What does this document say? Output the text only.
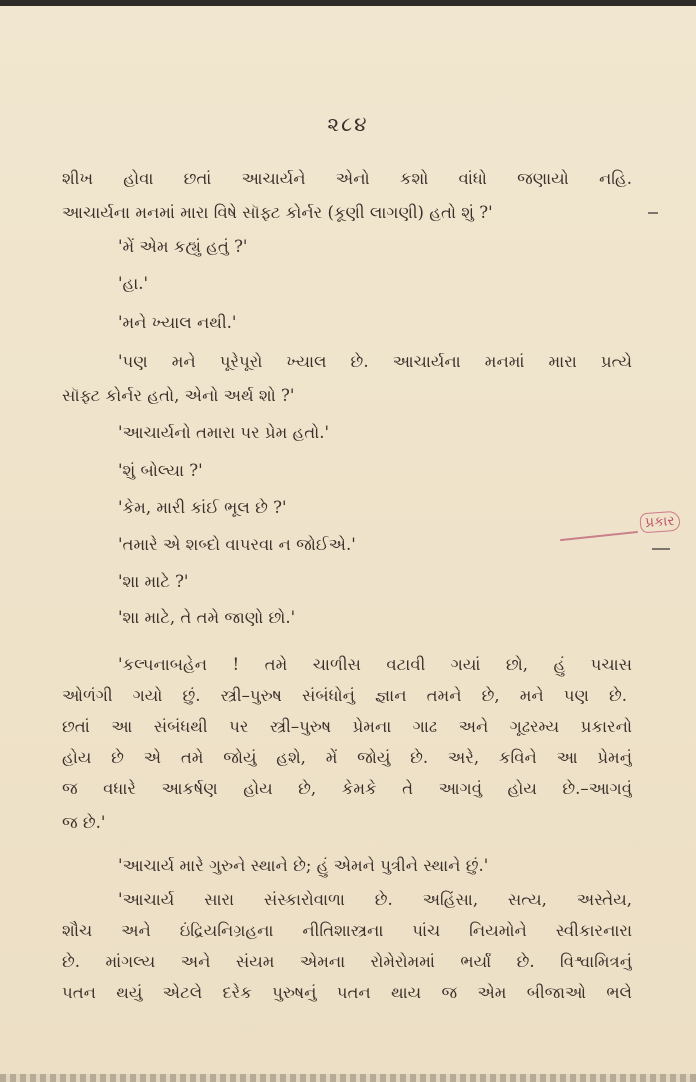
૨૮૪
શીખ હોવા છતાં આચાર્યને એનો કશો વાંધો જણાયો નહિ.
આચાર્યના મનમાં મારા વિષે સૉફ્ટ કોર્નર (કૂણી લાગણી) હતો શું ?'
'મેં એમ કહ્યું હતું ?'
'હા.'
'મને ખ્યાલ નથી.'
'પણ મને પૂરેપૂરો ખ્યાલ છે. આચાર્યના મનમાં મારા પ્રત્યે
સૉફ્ટ કોર્નર હતો, એનો અર્થ શો ?'
'આચાર્યનો તમારા પર પ્રેમ હતો.'
'શું બોલ્યા ?'
'કેમ, મારી કાંઈ ભૂલ છે ?'
'તમારે એ શબ્દો વાપરવા ન જોઈએ.'
'શા માટે ?'
'શા માટે, તે તમે જાણો છો.'
'કલ્પનાબહેન ! તમે ચાળીસ વટાવી ગયાં છો, હું પચાસ
ઓળંગી ગયો છું. સ્ત્રી–પુરુષ સંબંધોનું જ્ઞાન તમને છે, મને પણ છે.
છતાં આ સંબંધથી પર સ્ત્રી–પુરુષ પ્રેમના ગાઢ અને ગૂઢરમ્ય પ્રકારનો
હોય છે એ તમે જોયું હશે, મેં જોયું છે. અરે, કવિને આ પ્રેમનું
જ વધારે આકર્ષણ હોય છે, કેમકે તે આગવું હોય છે.–આગવું
જ છે.'
'આચાર્ય મારે ગુરુને સ્થાને છે; હું એમને પુત્રીને સ્થાને છું.'
'આચાર્ય સારા સંસ્કારોવાળા છે. અહિંસા, સત્ય, અસ્તેય,
શૌચ અને ઇંદ્રિયનિગ્રહના નીતિશાસ્ત્રના પાંચ નિયમોને સ્વીકારનારા
છે. માંગલ્ય અને સંયમ એમના રોમેરોમમાં ભર્યાં છે. વિશ્વામિત્રનું
પતન થયું એટલે દરેક પુરુષનું પતન થાય જ એમ બીજાઓ ભલે
પ્રકાર
